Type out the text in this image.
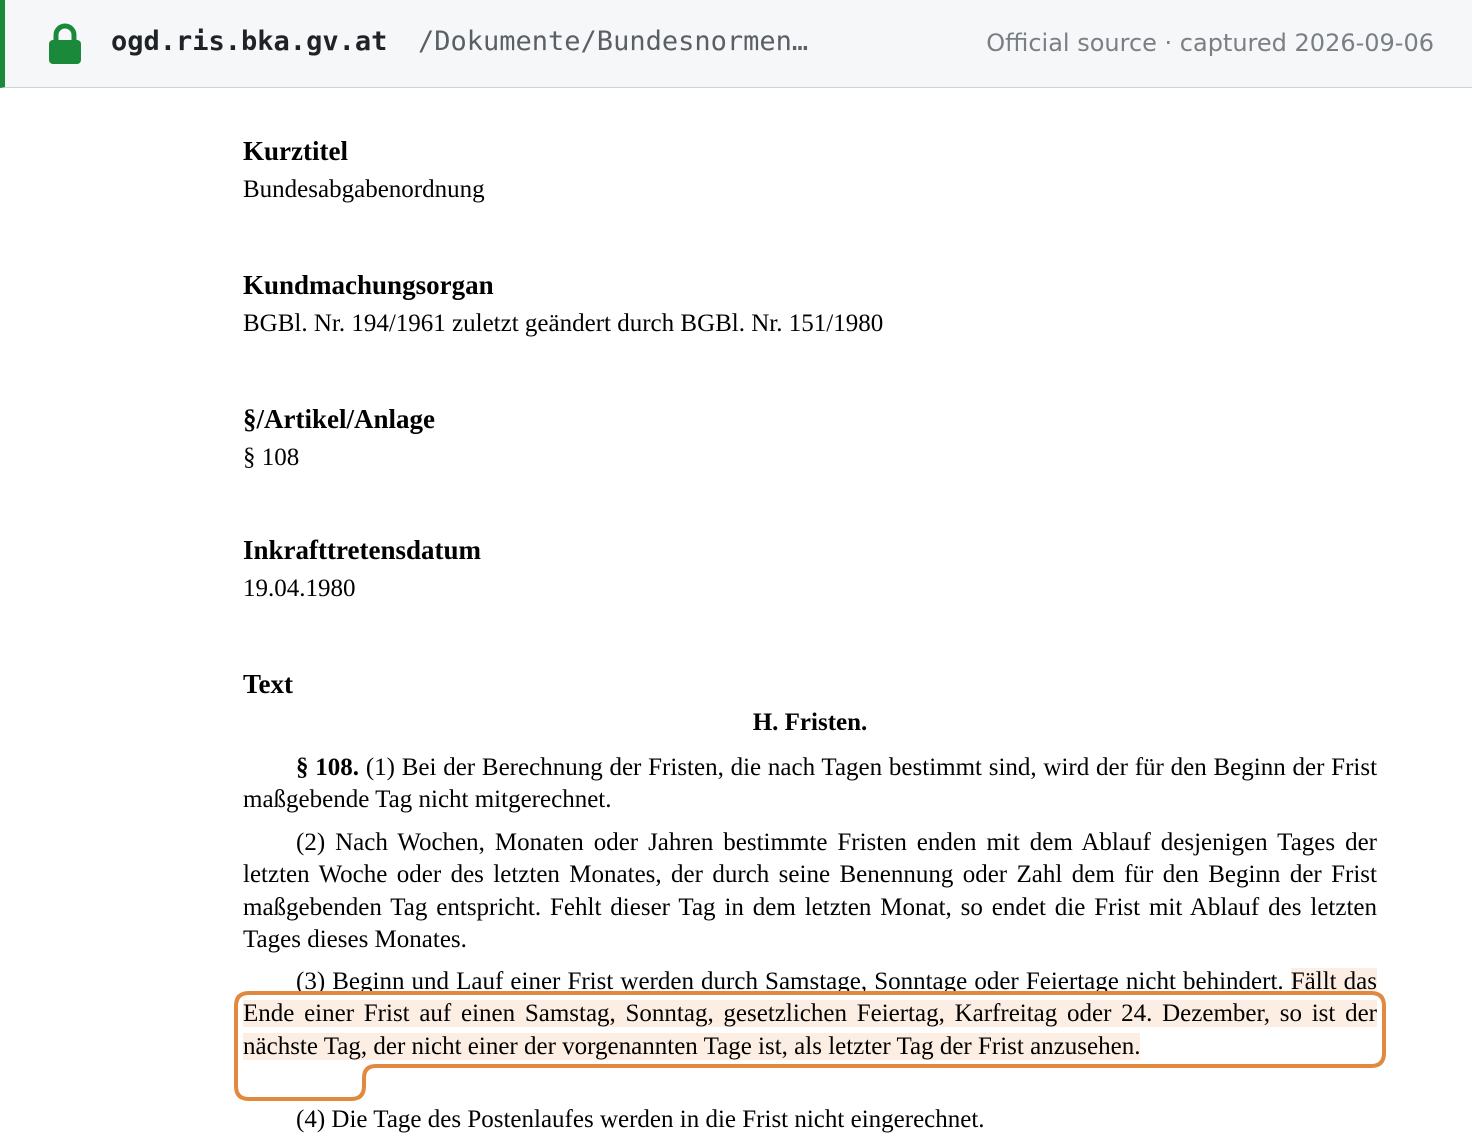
ogd.ris.bka.gv.at /Dokumente/Bundesnormen…	Official source · captured 2026-09-06
Kurztitel
Bundesabgabenordnung
Kundmachungsorgan
BGBl. Nr. 194/1961 zuletzt geändert durch BGBl. Nr. 151/1980
§/Artikel/Anlage
§ 108
Inkrafttretensdatum
19.04.1980
Text
H. Fristen.

§ 108. (1) Bei der Berechnung der Fristen, die nach Tagen bestimmt sind, wird der für den Beginn der Frist maßgebende Tag nicht mitgerechnet.

(2) Nach Wochen, Monaten oder Jahren bestimmte Fristen enden mit dem Ablauf desjenigen Tages der letzten Woche oder des letzten Monates, der durch seine Benennung oder Zahl dem für den Beginn der Frist maßgebenden Tag entspricht. Fehlt dieser Tag in dem letzten Monat, so endet die Frist mit Ablauf des letzten Tages dieses Monates.

(3) Beginn und Lauf einer Frist werden durch Samstage, Sonntage oder Feiertage nicht behindert. Fällt das Ende einer Frist auf einen Samstag, Sonntag, gesetzlichen Feiertag, Karfreitag oder 24. Dezember, so ist der nächste Tag, der nicht einer der vorgenannten Tage ist, als letzter Tag der Frist anzusehen.

(4) Die Tage des Postenlaufes werden in die Frist nicht eingerechnet.
